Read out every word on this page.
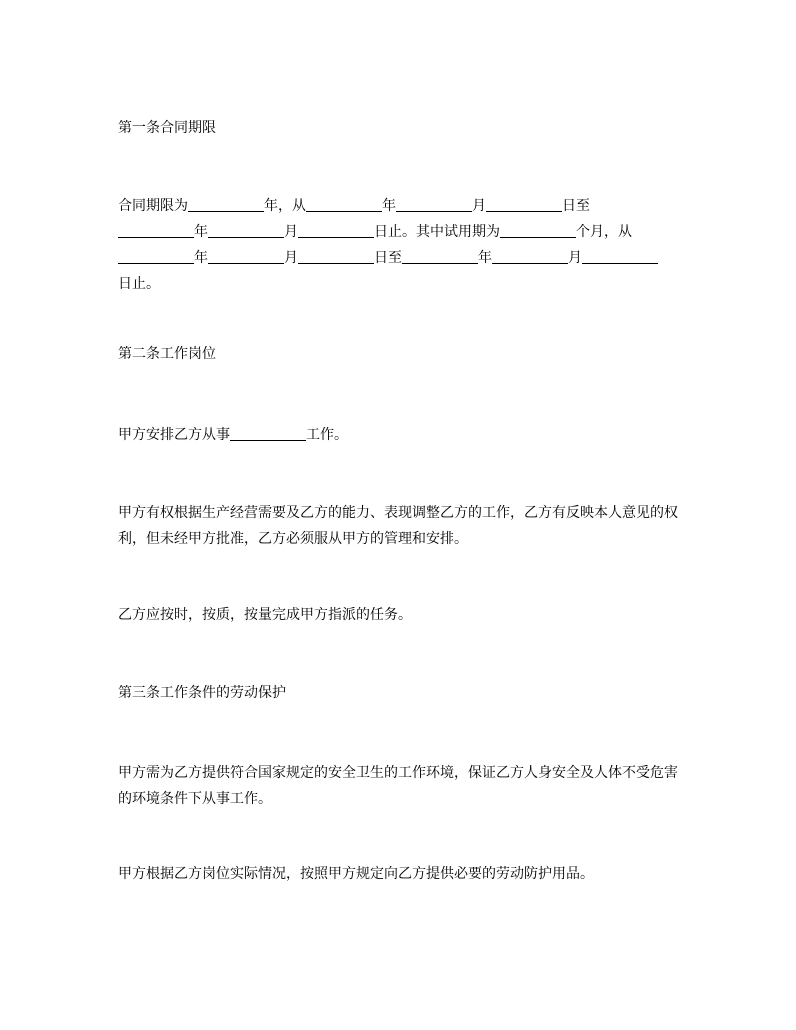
第一条合同期限

合同期限为	年，从	年	月	日至
年	月	日止。其中试用期为	个月，从
年	月	日至	年	月
日止。

第二条工作岗位

甲方安排乙方从事	工作。

甲方有权根据生产经营需要及乙方的能力、表现调整乙方的工作，乙方有反映本人意见的权利，但未经甲方批准，乙方必须服从甲方的管理和安排。

乙方应按时，按质，按量完成甲方指派的任务。

第三条工作条件的劳动保护

甲方需为乙方提供符合国家规定的安全卫生的工作环境，保证乙方人身安全及人体不受危害的环境条件下从事工作。

甲方根据乙方岗位实际情况，按照甲方规定向乙方提供必要的劳动防护用品。
